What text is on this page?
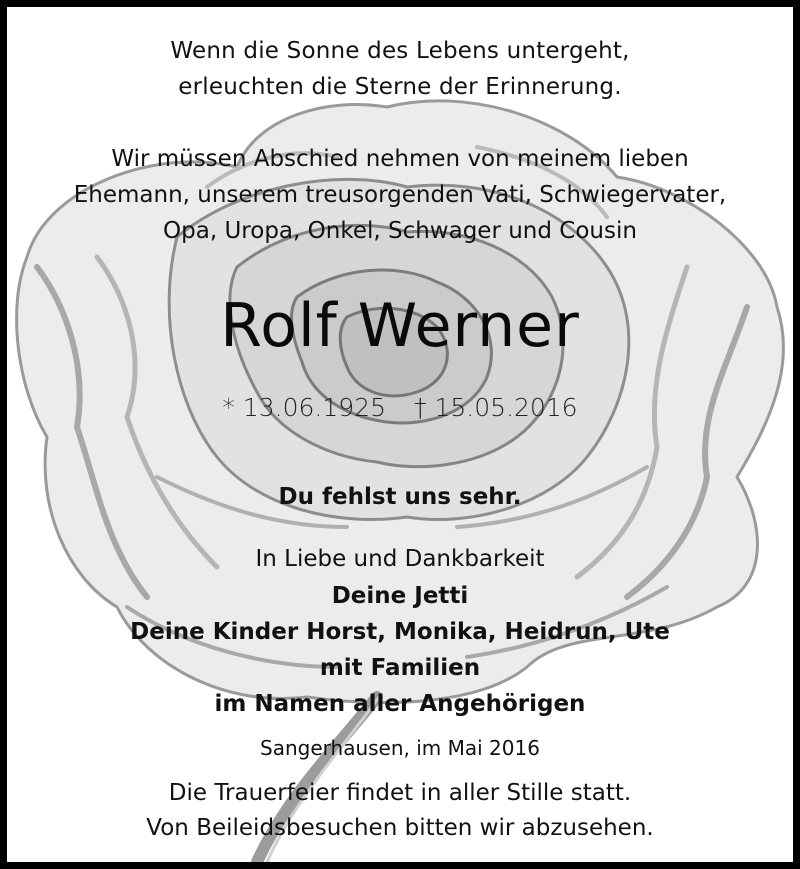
Wenn die Sonne des Lebens untergeht,
erleuchten die Sterne der Erinnerung.
Wir müssen Abschied nehmen von meinem lieben
Ehemann, unserem treusorgenden Vati, Schwiegervater,
Opa, Uropa, Onkel, Schwager und Cousin
Rolf Werner
* 13.06.1925 † 15.05.2016
Du fehlst uns sehr.
In Liebe und Dankbarkeit
Deine Jetti
Deine Kinder Horst, Monika, Heidrun, Ute
mit Familien
im Namen aller Angehörigen
Sangerhausen, im Mai 2016
Die Trauerfeier findet in aller Stille statt.
Von Beileidsbesuchen bitten wir abzusehen.
